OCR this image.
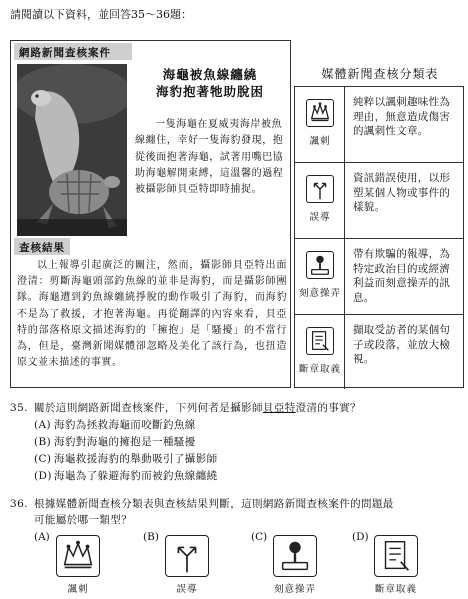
請閱讀以下資料，並回答35～36題：
網路新聞查核案件
海龜被魚線纏繞
海豹抱著牠助脫困
一隻海龜在夏威夷海岸被魚線纏住，幸好一隻海豹發現，抱從後面抱著海龜，試著用嘴巴協助海龜解開束縛，這溫馨的過程被攝影師貝亞特即時捕捉。
查核結果
以上報導引起廣泛的關注，然而，攝影師貝亞特出面澄清：剪斷海龜頭部釣魚線的並非是海豹，而是攝影師團隊。海龜遭到釣魚線纏繞掙脫的動作吸引了海豹，而海豹不是為了救援，才抱著海龜。再從翻譯的內容來看，貝亞特的部落格原文描述海豹的「擁抱」是「騷擾」的不當行為，但是，臺灣新聞媒體卻忽略及美化了該行為，也扭造原文並未描述的事實。
媒體新聞查核分類表
諷刺
純粹以諷刺趣味性為理由，無意造成傷害的諷刺性文章。
誤導
資訊錯誤使用，以形塑某個人物或事件的樣貌。
刻意操弄
帶有欺騙的報導，為特定政治目的或經濟利益而刻意操弄的訊息。
斷章取義
擷取受訪者的某個句子或段落，並放大檢視。
35. 關於這則網路新聞查核案件，下列何者是攝影師貝亞特澄清的事實？
(A) 海豹為拯救海龜而咬斷釣魚線
(B) 海豹對海龜的擁抱是一種騷擾
(C) 海龜救援海豹的舉動吸引了攝影師
(D) 海龜為了躲避海豹而被釣魚線纏繞
36. 根據媒體新聞查核分類表與查核結果判斷，這則網路新聞查核案件的問題最
可能屬於哪一類型？
(A)
諷刺
(B)
誤導
(C)
刻意操弄
(D)
斷章取義
